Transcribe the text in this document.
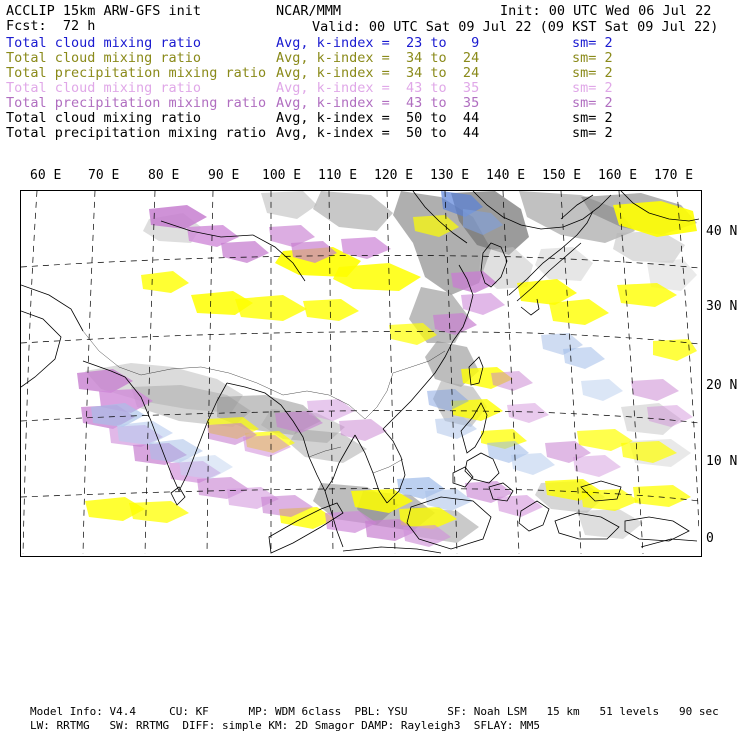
ACCLIP 15km ARW-GFS init	NCAR/MMM	Init: 00 UTC Wed 06 Jul 22
Fcst:  72 h	Valid: 00 UTC Sat 09 Jul 22 (09 KST Sat 09 Jul 22)
Total cloud mixing ratio	Avg, k-index =  23 to   9	sm= 2
Total cloud mixing ratio	Avg, k-index =  34 to  24	sm= 2
Total precipitation mixing ratio Avg, k-index =  34 to  24	sm= 2
Total cloud mixing ratio	Avg, k-index =  43 to  35	sm= 2
Total precipitation mixing ratio Avg, k-index =  43 to  35	sm= 2
Total cloud mixing ratio	Avg, k-index =  50 to  44	sm= 2
Total precipitation mixing ratio Avg, k-index =  50 to  44	sm= 2
60 E 70 E 80 E 90 E 100 E 110 E 120 E 130 E 140 E 150 E 160 E 170 E
40 N
30 N
20 N
10 N
0

Model Info: V4.4     CU: KF      MP: WDM 6class  PBL: YSU      SF: Noah LSM   15 km   51 levels   90 sec

LW: RRTMG   SW: RRTMG  DIFF: simple KM: 2D Smagor DAMP: Rayleigh3  SFLAY: MM5
